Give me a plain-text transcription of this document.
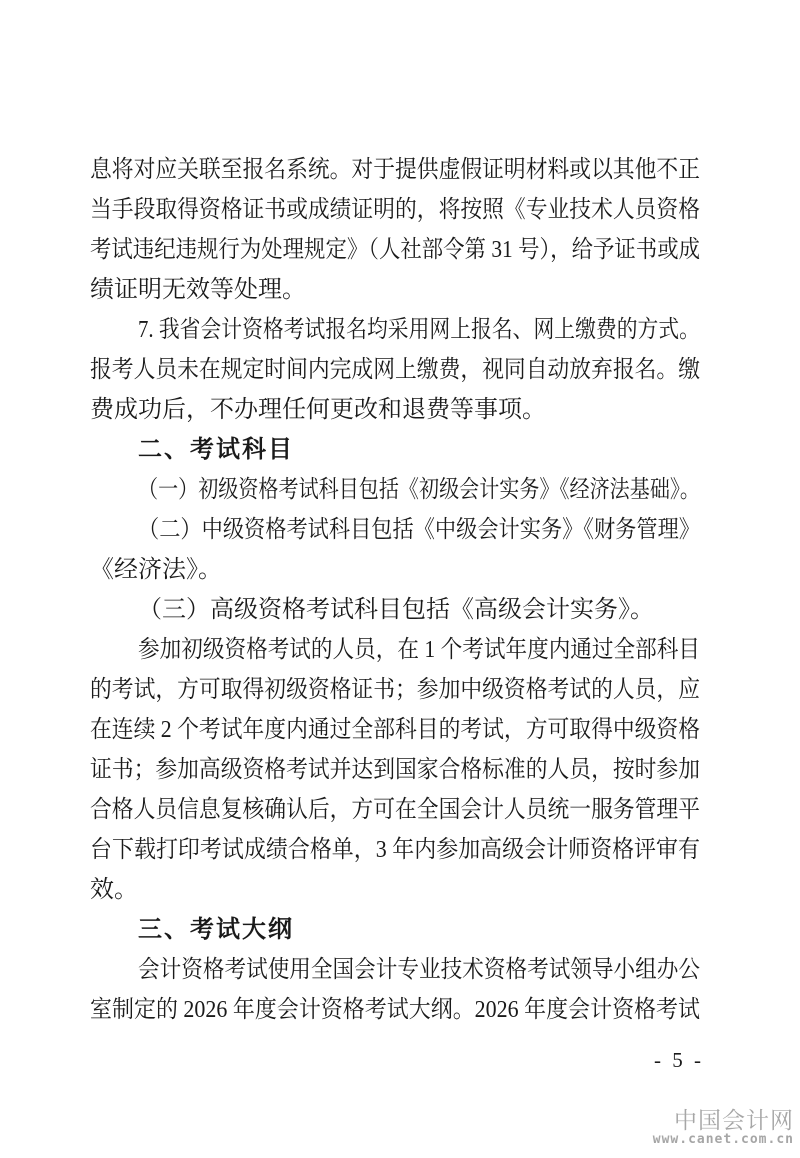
息将对应关联至报名系统。对于提供虚假证明材料或以其他不正
当手段取得资格证书或成绩证明的，将按照《专业技术人员资格
考试违纪违规行为处理规定》（人社部令第 31 号），给予证书或成
绩证明无效等处理。
7. 我省会计资格考试报名均采用网上报名、网上缴费的方式。
报考人员未在规定时间内完成网上缴费，视同自动放弃报名。缴
费成功后，不办理任何更改和退费等事项。
二、考试科目
（一）初级资格考试科目包括《初级会计实务》《经济法基础》。
（二）中级资格考试科目包括《中级会计实务》《财务管理》
《经济法》。
（三）高级资格考试科目包括《高级会计实务》。
参加初级资格考试的人员，在 1 个考试年度内通过全部科目
的考试，方可取得初级资格证书；参加中级资格考试的人员，应
在连续 2 个考试年度内通过全部科目的考试，方可取得中级资格
证书；参加高级资格考试并达到国家合格标准的人员，按时参加
合格人员信息复核确认后，方可在全国会计人员统一服务管理平
台下载打印考试成绩合格单，3 年内参加高级会计师资格评审有
效。
三、考试大纲
会计资格考试使用全国会计专业技术资格考试领导小组办公
室制定的 2026 年度会计资格考试大纲。2026 年度会计资格考试
- 5 -
中国会计网
www.canet.com.cn
